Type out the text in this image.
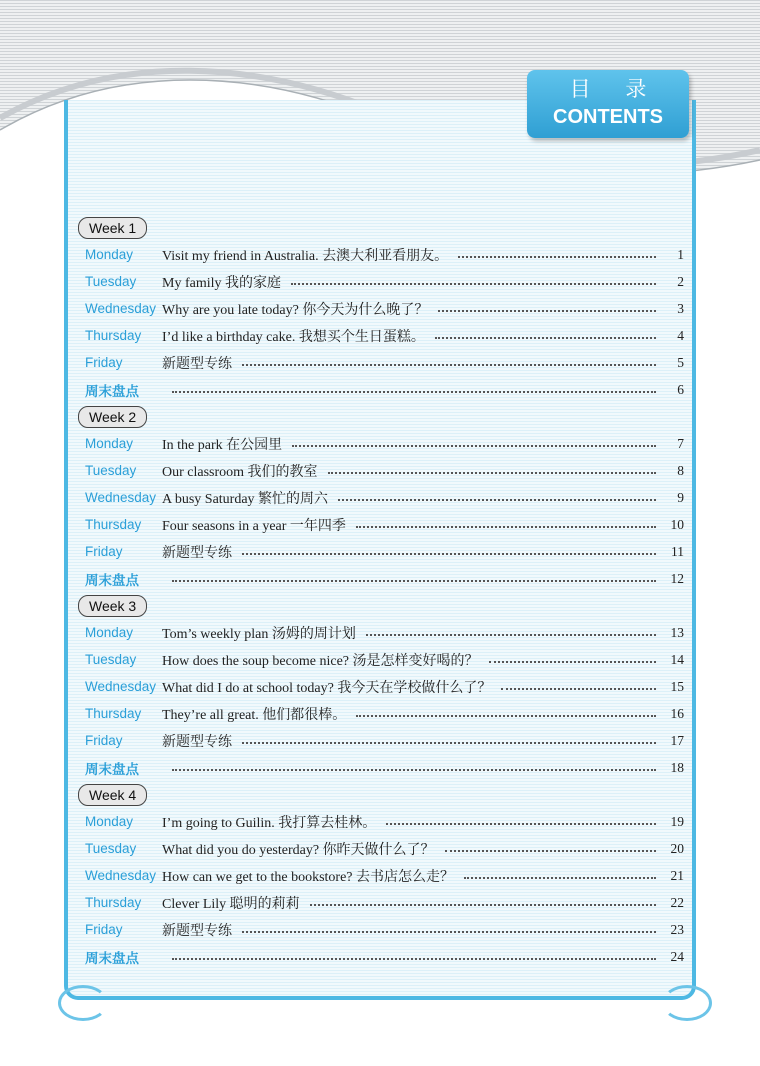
目 录
CONTENTS
Week 1
Monday	Visit my friend in Australia. 去澳大利亚看朋友。	1
Tuesday	My family 我的家庭	2
Wednesday Why are you late today? 你今天为什么晚了？	3
Thursday	I’d like a birthday cake. 我想买个生日蛋糕。	4
Friday	新题型专练	5
周末盘点	6
Week 2
Monday	In the park 在公园里	7
Tuesday	Our classroom 我们的教室	8
Wednesday A busy Saturday 繁忙的周六	9
Thursday	Four seasons in a year 一年四季	10
Friday	新题型专练	11
周末盘点	12
Week 3
Monday	Tom’s weekly plan 汤姆的周计划	13
Tuesday	How does the soup become nice? 汤是怎样变好喝的？	14
Wednesday What did I do at school today? 我今天在学校做什么了？	15
Thursday	They’re all great. 他们都很棒。	16
Friday	新题型专练	17
周末盘点	18
Week 4
Monday	I’m going to Guilin. 我打算去桂林。	19
Tuesday	What did you do yesterday? 你昨天做什么了？	20
Wednesday How can we get to the bookstore? 去书店怎么走？	21
Thursday	Clever Lily 聪明的莉莉	22
Friday	新题型专练	23
周末盘点	24
